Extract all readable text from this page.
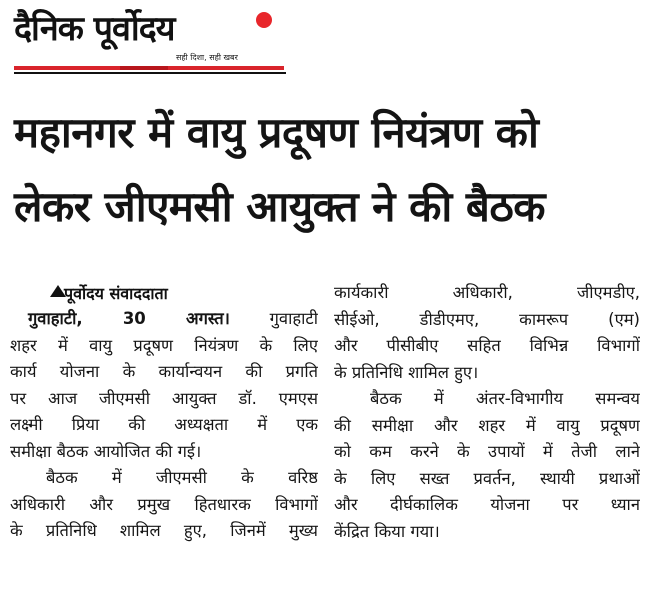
दैनिक पूर्वोदय
सही दिशा, सही खबर
महानगर में वायु प्रदूषण नियंत्रण को
लेकर जीएमसी आयुक्त ने की बैठक
पूर्वोदय संवाददाता
गुवाहाटी, 30 अगस्त। गुवाहाटी
शहर में वायु प्रदूषण नियंत्रण के लिए
कार्य योजना के कार्यान्वयन की प्रगति
पर आज जीएमसी आयुक्त डॉ. एमएस
लक्ष्मी प्रिया की अध्यक्षता में एक
समीक्षा बैठक आयोजित की गई।
बैठक में जीएमसी के वरिष्ठ
अधिकारी और प्रमुख हितधारक विभागों
के प्रतिनिधि शामिल हुए, जिनमें मुख्य
कार्यकारी अधिकारी, जीएमडीए,
सीईओ, डीडीएमए, कामरूप (एम)
और पीसीबीए सहित विभिन्न विभागों
के प्रतिनिधि शामिल हुए।
बैठक में अंतर-विभागीय समन्वय
की समीक्षा और शहर में वायु प्रदूषण
को कम करने के उपायों में तेजी लाने
के लिए सख्त प्रवर्तन, स्थायी प्रथाओं
और दीर्घकालिक योजना पर ध्यान
केंद्रित किया गया।
